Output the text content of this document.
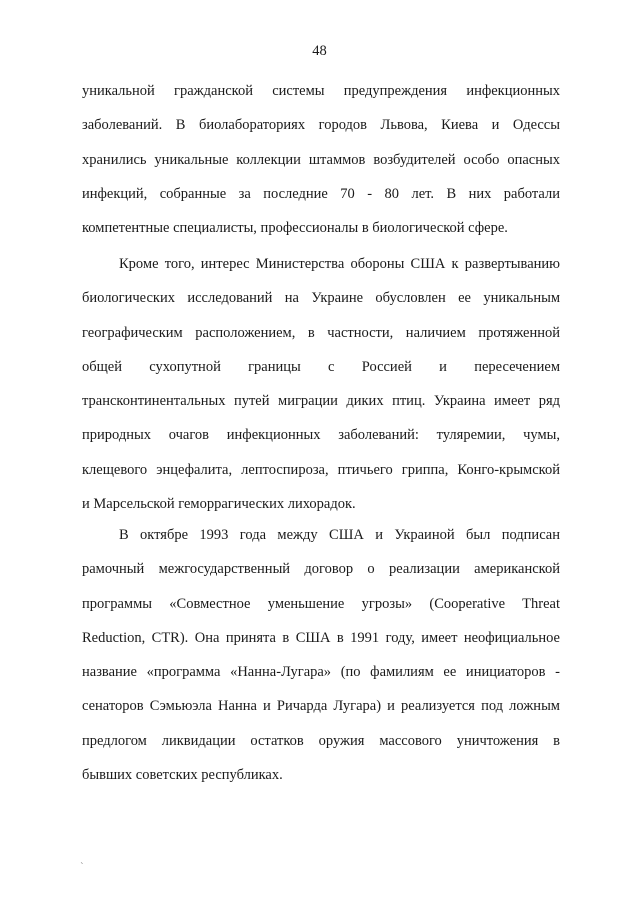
48
уникальной гражданской системы предупреждения инфекционных
заболеваний. В биолабораториях городов Львова, Киева и Одессы
хранились уникальные коллекции штаммов возбудителей особо опасных
инфекций, собранные за последние 70 - 80 лет. В них работали
компетентные специалисты, профессионалы в биологической сфере.
Кроме того, интерес Министерства обороны США к развертыванию
биологических исследований на Украине обусловлен ее уникальным
географическим расположением, в частности, наличием протяженной
общей сухопутной границы с Россией и пересечением
трансконтинентальных путей миграции диких птиц. Украина имеет ряд
природных очагов инфекционных заболеваний: туляремии, чумы,
клещевого энцефалита, лептоспироза, птичьего гриппа, Конго-крымской
и Марсельской геморрагических лихорадок.
В октябре 1993 года между США и Украиной был подписан
рамочный межгосударственный договор о реализации американской
программы «Совместное уменьшение угрозы» (Cooperative Threat
Reduction, CTR). Она принята в США в 1991 году, имеет неофициальное
название «программа «Нанна-Лугара» (по фамилиям ее инициаторов -
сенаторов Сэмьюэла Нанна и Ричарда Лугара) и реализуется под ложным
предлогом ликвидации остатков оружия массового уничтожения в
бывших советских республиках.
ˎ
